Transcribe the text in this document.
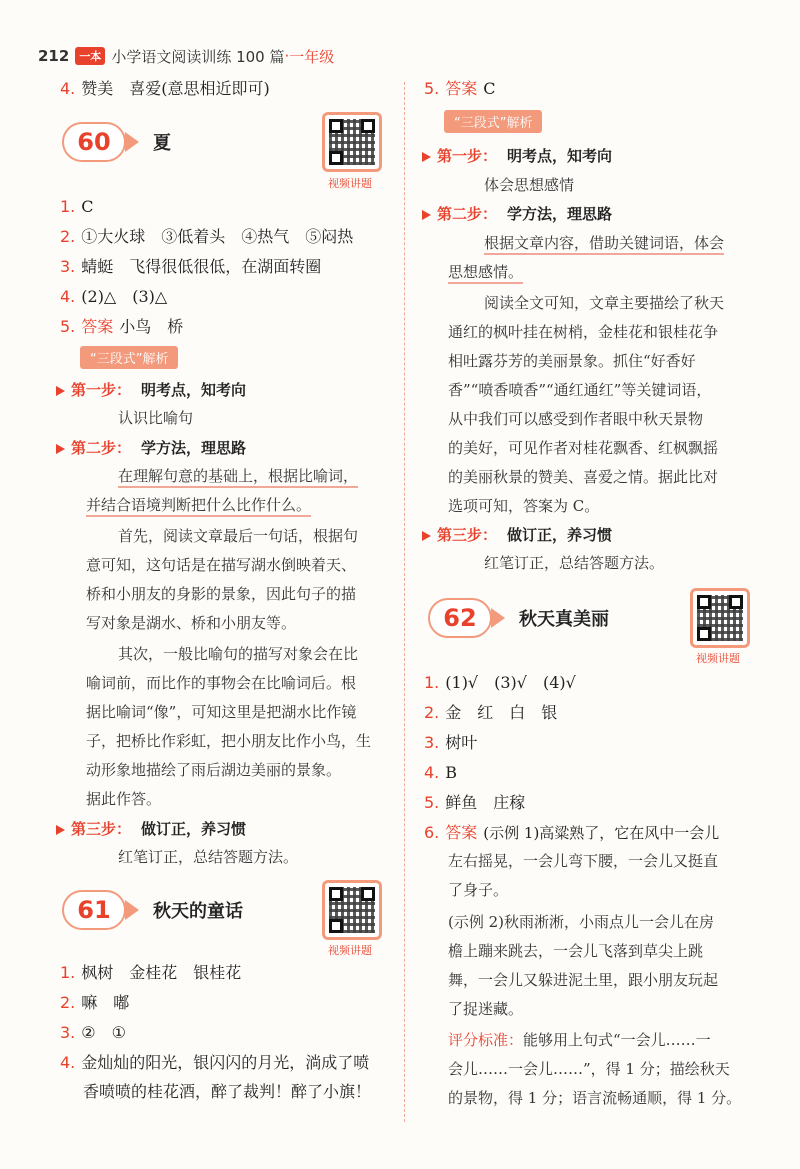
212 一本 小学语文阅读训练 100 篇 · 一年级
4. 赞美　喜爱(意思相近即可)
60	夏
视频讲题
1. C
2. ①大火球　③低着头　④热气　⑤闷热
3. 蜻蜓　飞得很低很低，在湖面转圈
4. (2)△　(3)△
5. 答案 小鸟　桥
“三段式”解析
第一步： 明考点，知考向
认识比喻句
第二步： 学方法，理思路
在理解句意的基础上，根据比喻词，
并结合语境判断把什么比作什么。
首先，阅读文章最后一句话，根据句
意可知，这句话是在描写湖水倒映着天、
桥和小朋友的身影的景象，因此句子的描
写对象是湖水、桥和小朋友等。
其次，一般比喻句的描写对象会在比
喻词前，而比作的事物会在比喻词后。根
据比喻词“像”，可知这里是把湖水比作镜
子，把桥比作彩虹，把小朋友比作小鸟，生
动形象地描绘了雨后湖边美丽的景象。
据此作答。
第三步： 做订正，养习惯
红笔订正，总结答题方法。
61	秋天的童话
视频讲题
1. 枫树　金桂花　银桂花
2. 嘛　嘟
3. ②　①
4. 金灿灿的阳光，银闪闪的月光，淌成了喷
香喷喷的桂花酒，醉了裁判！醉了小旗！
5. 答案 C
“三段式”解析
第一步： 明考点，知考向
体会思想感情
第二步： 学方法，理思路
根据文章内容，借助关键词语，体会
思想感情。
阅读全文可知，文章主要描绘了秋天
通红的枫叶挂在树梢，金桂花和银桂花争
相吐露芬芳的美丽景象。抓住“好香好
香”“喷香喷香”“通红通红”等关键词语，
从中我们可以感受到作者眼中秋天景物
的美好，可见作者对桂花飘香、红枫飘摇
的美丽秋景的赞美、喜爱之情。据此比对
选项可知，答案为 C。
第三步： 做订正，养习惯
红笔订正，总结答题方法。
62	秋天真美丽
视频讲题
1. (1)√　(3)√　(4)√
2. 金　红　白　银
3. 树叶
4. B
5. 鲜鱼　庄稼
6. 答案 (示例 1)高粱熟了，它在风中一会儿
左右摇晃，一会儿弯下腰，一会儿又挺直
了身子。
(示例 2)秋雨淅淅，小雨点儿一会儿在房
檐上蹦来跳去，一会儿飞落到草尖上跳
舞，一会儿又躲进泥土里，跟小朋友玩起
了捉迷藏。
评分标准：能够用上句式“一会儿……一
会儿……一会儿……”，得 1 分；描绘秋天
的景物，得 1 分；语言流畅通顺，得 1 分。
